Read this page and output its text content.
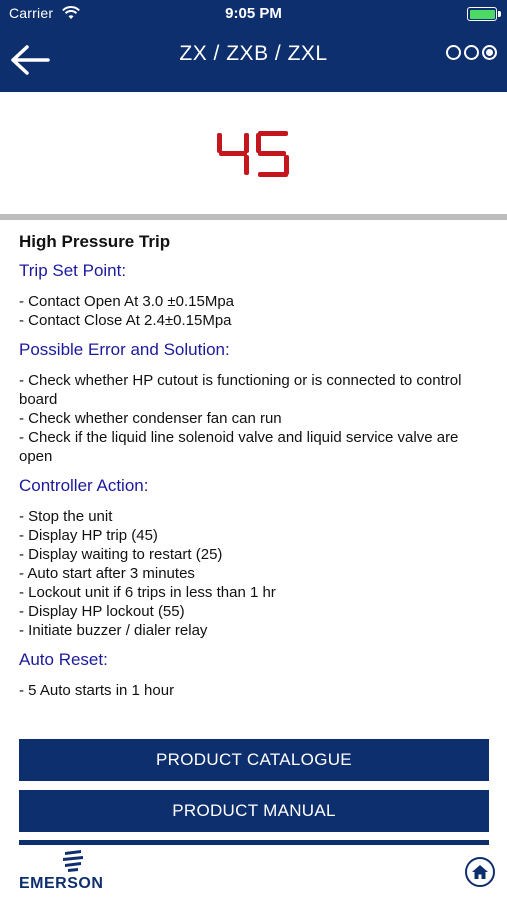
Carrier	9:05 PM
ZX / ZXB / ZXL
High Pressure Trip
Trip Set Point:
- Contact Open At 3.0 ±0.15Mpa
- Contact Close At 2.4±0.15Mpa
Possible Error and Solution:
- Check whether HP cutout is functioning or is connected to control board
- Check whether condenser fan can run
- Check if the liquid line solenoid valve and liquid service valve are open
Controller Action:
- Stop the unit
- Display HP trip (45)
- Display waiting to restart (25)
- Auto start after 3 minutes
- Lockout unit if 6 trips in less than 1 hr
- Display HP lockout (55)
- Initiate buzzer / dialer relay
Auto Reset:
- 5 Auto starts in 1 hour
PRODUCT CATALOGUE
PRODUCT MANUAL
EMERSON
